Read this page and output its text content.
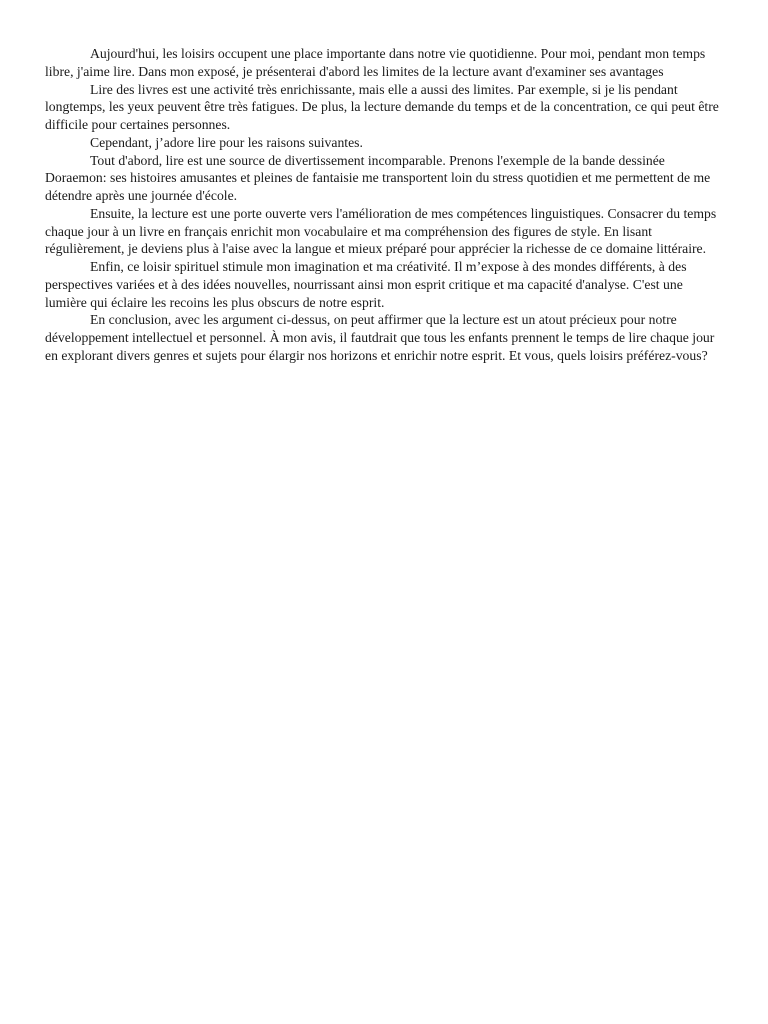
Aujourd'hui, les loisirs occupent une place importante dans notre vie quotidienne. Pour moi, pendant mon temps libre, j'aime lire. Dans mon exposé, je présenterai d'abord les limites de la lecture avant d'examiner ses avantages

Lire des livres est une activité très enrichissante, mais elle a aussi des limites. Par exemple, si je lis pendant longtemps, les yeux peuvent être très fatigues. De plus, la lecture demande du temps et de la concentration, ce qui peut être difficile pour certaines personnes.

Cependant, j’adore lire pour les raisons suivantes.

Tout d'abord, lire est une source de divertissement incomparable. Prenons l'exemple de la bande dessinée Doraemon: ses histoires amusantes et pleines de fantaisie me transportent loin du stress quotidien et me permettent de me détendre après une journée d'école.

Ensuite, la lecture est une porte ouverte vers l'amélioration de mes compétences linguistiques. Consacrer du temps chaque jour à un livre en français enrichit mon vocabulaire et ma compréhension des figures de style. En lisant régulièrement, je deviens plus à l'aise avec la langue et mieux préparé pour apprécier la richesse de ce domaine littéraire.

Enfin, ce loisir spirituel stimule mon imagination et ma créativité. Il m’expose à des mondes différents, à des perspectives variées et à des idées nouvelles, nourrissant ainsi mon esprit critique et ma capacité d'analyse. C'est une lumière qui éclaire les recoins les plus obscurs de notre esprit.

En conclusion, avec les argument ci-dessus, on peut affirmer que la lecture est un atout précieux pour notre développement intellectuel et personnel. À mon avis, il fautdrait que tous les enfants prennent le temps de lire chaque jour en explorant divers genres et sujets pour élargir nos horizons et enrichir notre esprit. Et vous, quels loisirs préférez-vous?
